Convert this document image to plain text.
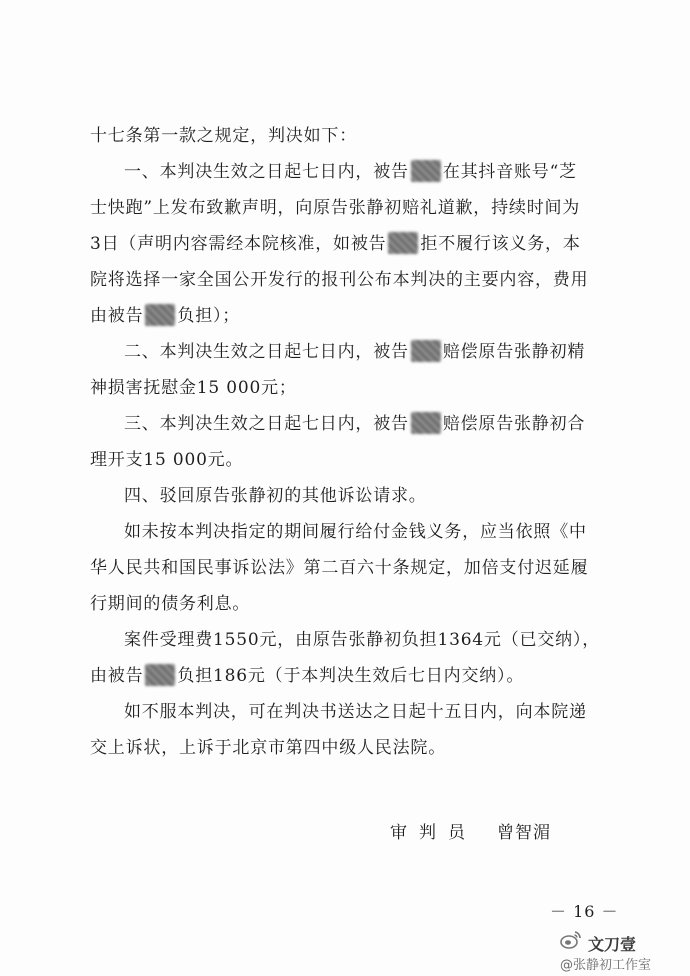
十七条第一款之规定，判决如下：
一、本判决生效之日起七日内，被告 在其抖音账号“芝
士快跑”上发布致歉声明，向原告张静初赔礼道歉，持续时间为
3日（声明内容需经本院核准，如被告 拒不履行该义务，本
院将选择一家全国公开发行的报刊公布本判决的主要内容，费用
由被告 负担）；
二、本判决生效之日起七日内，被告 赔偿原告张静初精
神损害抚慰金15 000元；
三、本判决生效之日起七日内，被告 赔偿原告张静初合
理开支15 000元。
四、驳回原告张静初的其他诉讼请求。
如未按本判决指定的期间履行给付金钱义务，应当依照《中
华人民共和国民事诉讼法》第二百六十条规定，加倍支付迟延履
行期间的债务利息。
案件受理费1550元，由原告张静初负担1364元（已交纳），
由被告 负担186元（于本判决生效后七日内交纳）。
如不服本判决，可在判决书送达之日起十五日内，向本院递
交上诉状，上诉于北京市第四中级人民法院。
审判员 曾智湄
－ 16 －
文刀壹
@张静初工作室
